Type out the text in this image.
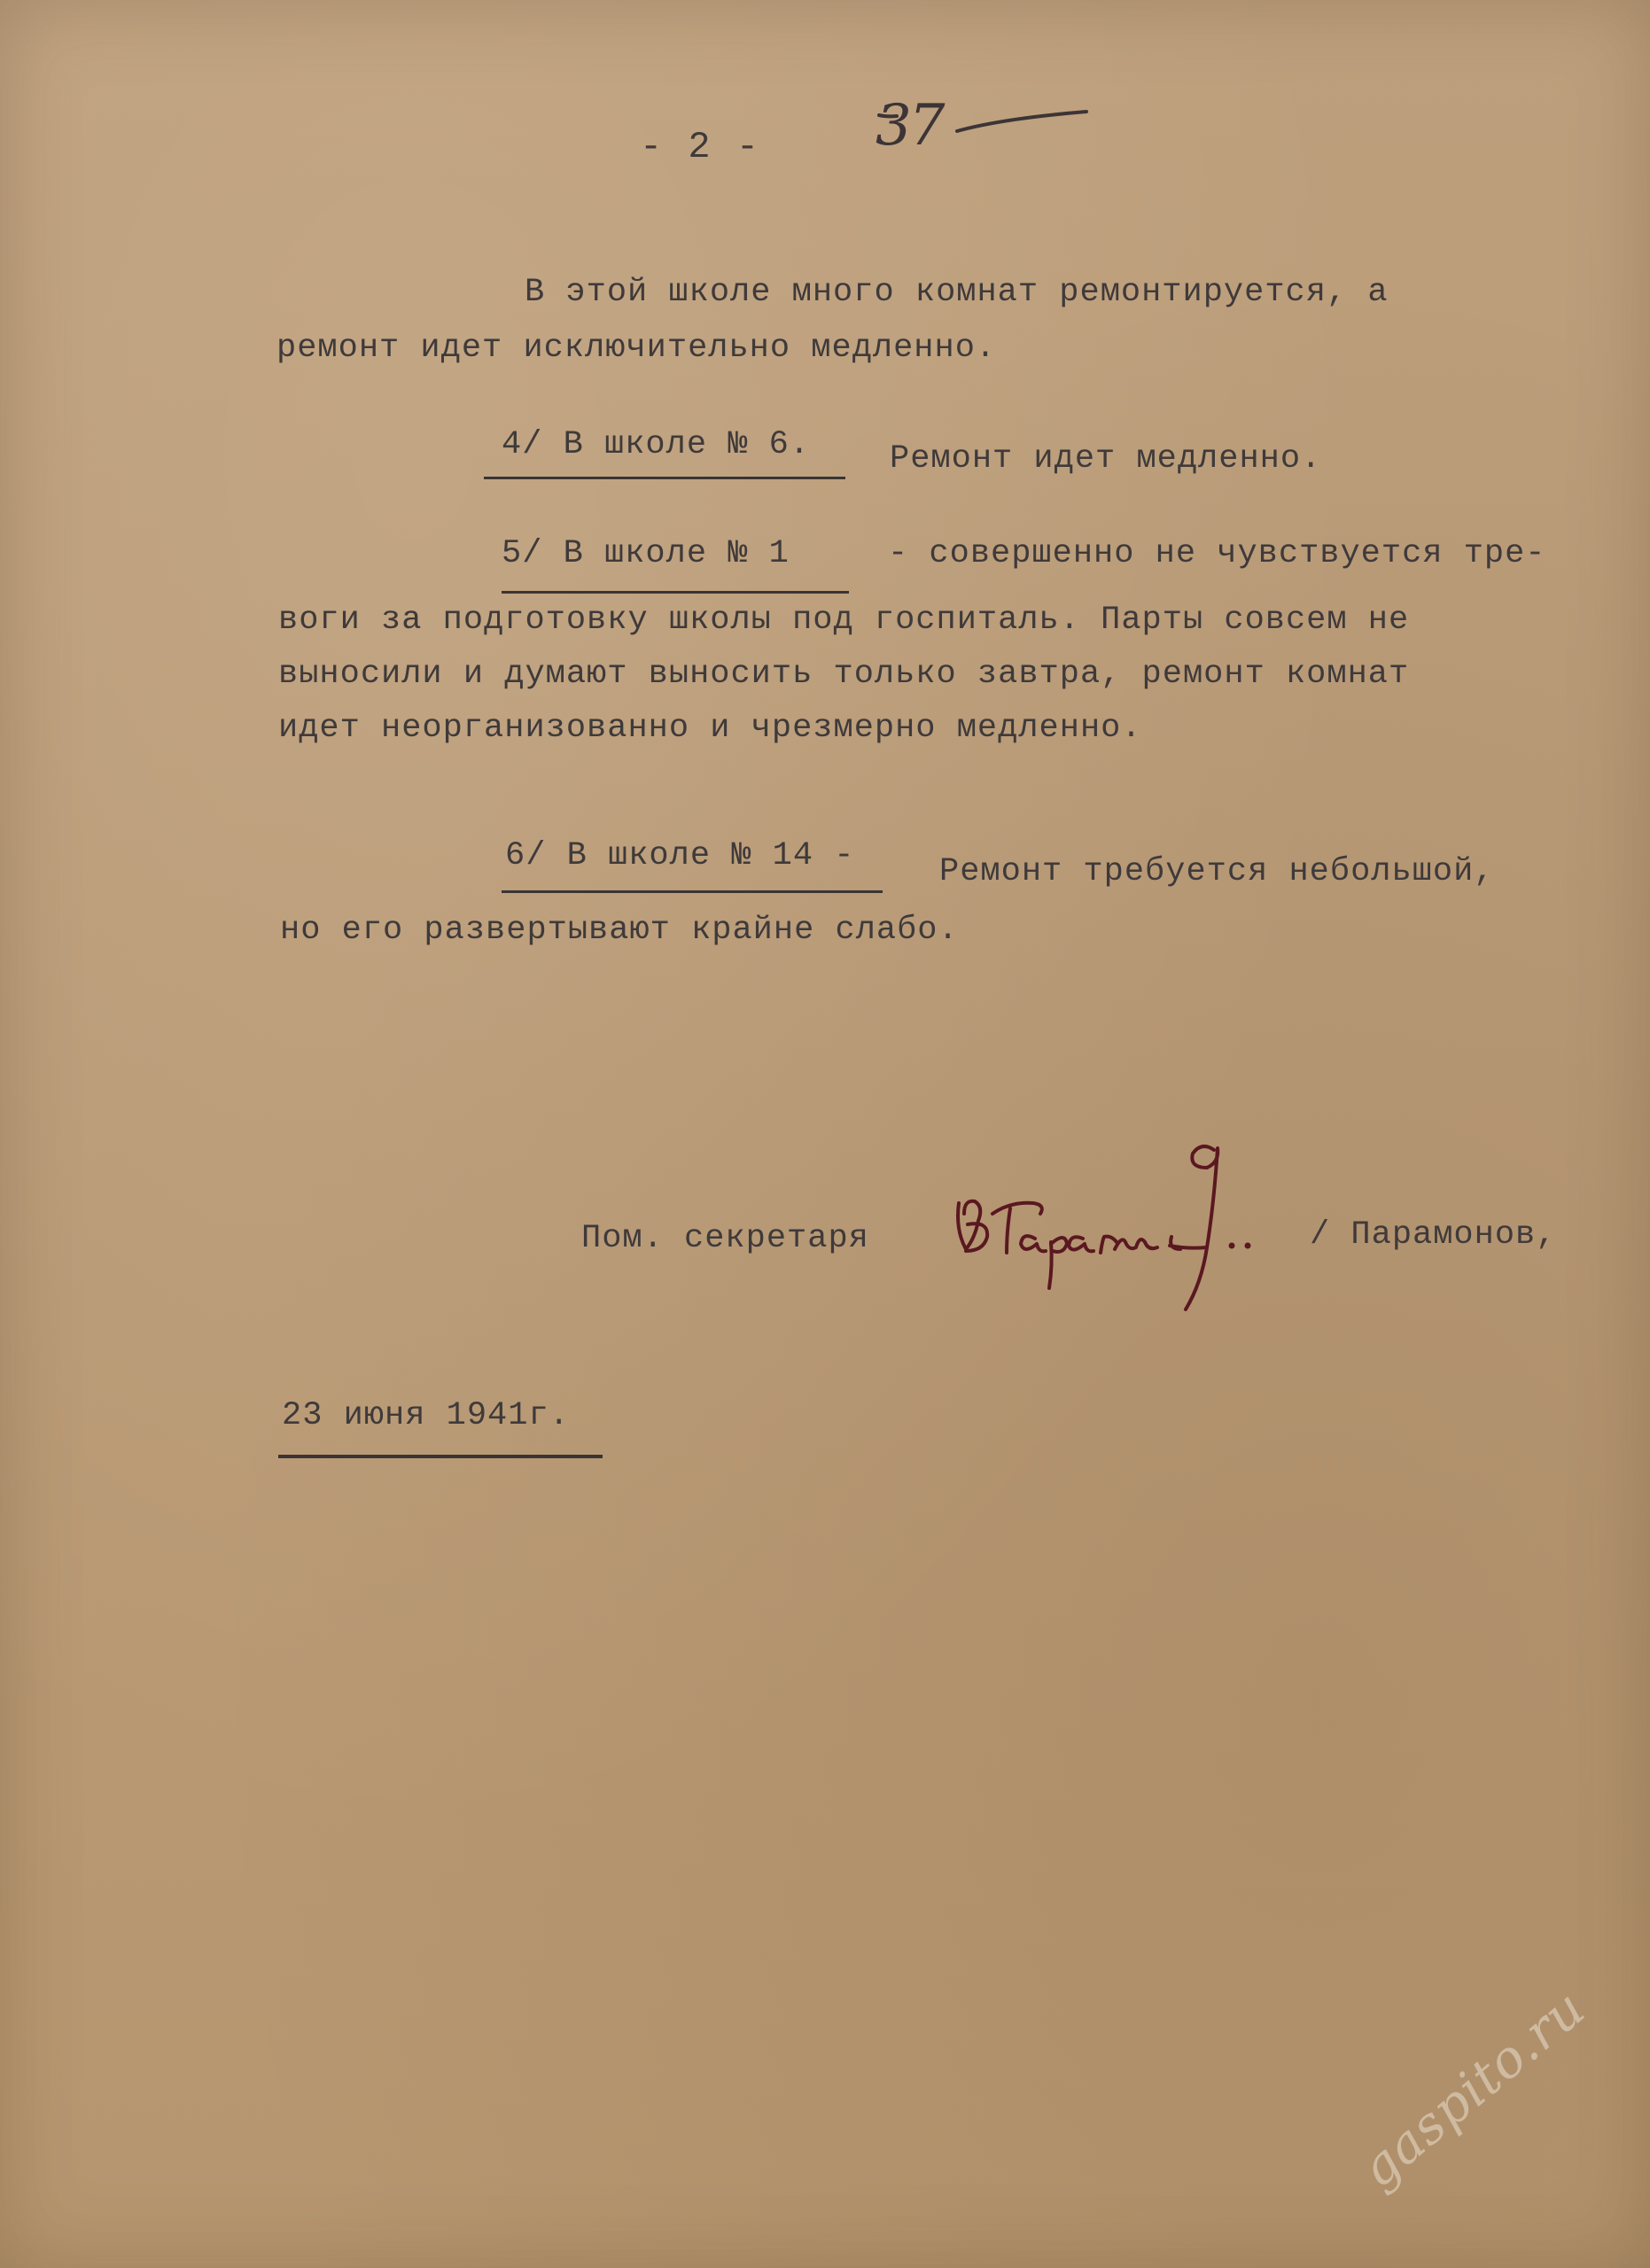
- 2 - 37
В этой школе много комнат ремонтируется, а
ремонт идет исключительно медленно.
4/ В школе № 6. Ремонт идет медленно.
5/ В школе № 1	- совершенно не чувствуется тре-
воги за подготовку школы под госпиталь. Парты совсем не
выносили и думают выносить только завтра, ремонт комнат
идет неорганизованно и чрезмерно медленно.
6/ В школе № 14 -	Ремонт требуется небольшой,
но его развертывают крайне слабо.
Пом. секретаря	/ Парамонов,
23 июня 1941г.
gaspito.ru
